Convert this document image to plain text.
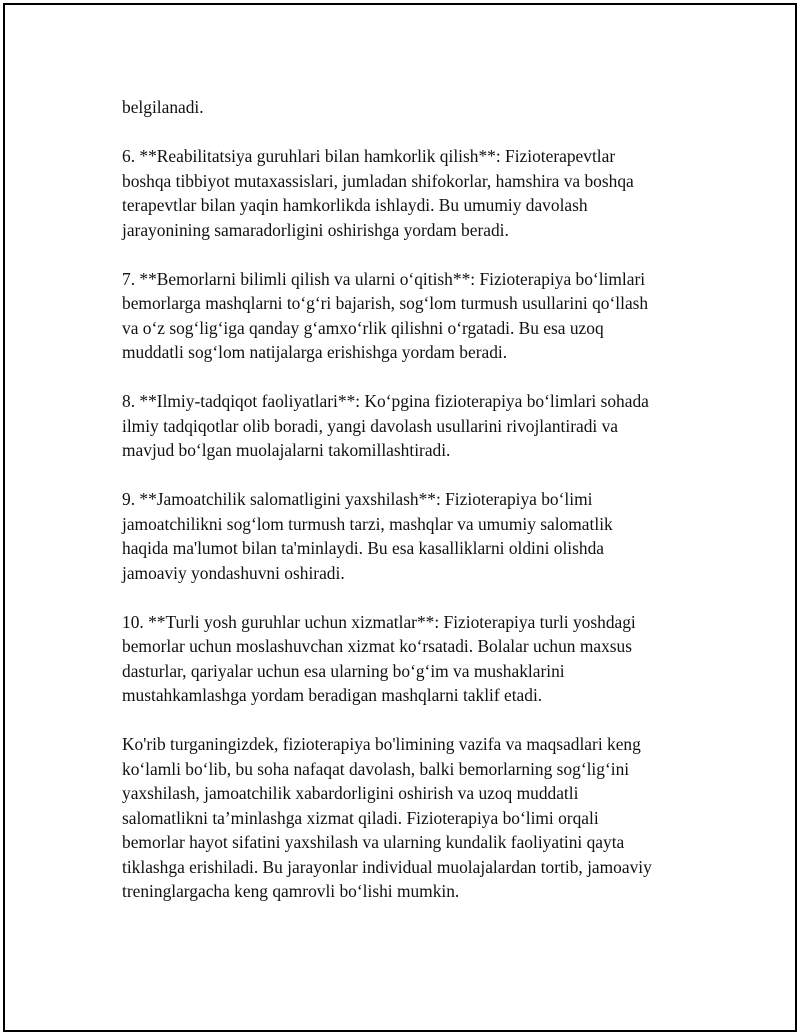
belgilanadi.

6. **Reabilitatsiya guruhlari bilan hamkorlik qilish**: Fizioterapevtlar
boshqa tibbiyot mutaxassislari, jumladan shifokorlar, hamshira va boshqa
terapevtlar bilan yaqin hamkorlikda ishlaydi. Bu umumiy davolash
jarayonining samaradorligini oshirishga yordam beradi.

7. **Bemorlarni bilimli qilish va ularni o‘qitish**: Fizioterapiya bo‘limlari
bemorlarga mashqlarni to‘g‘ri bajarish, sog‘lom turmush usullarini qo‘llash
va o‘z sog‘lig‘iga qanday g‘amxo‘rlik qilishni o‘rgatadi. Bu esa uzoq
muddatli sog‘lom natijalarga erishishga yordam beradi.

8. **Ilmiy-tadqiqot faoliyatlari**: Ko‘pgina fizioterapiya bo‘limlari sohada
ilmiy tadqiqotlar olib boradi, yangi davolash usullarini rivojlantiradi va
mavjud bo‘lgan muolajalarni takomillashtiradi.

9. **Jamoatchilik salomatligini yaxshilash**: Fizioterapiya bo‘limi
jamoatchilikni sog‘lom turmush tarzi, mashqlar va umumiy salomatlik
haqida ma'lumot bilan ta'minlaydi. Bu esa kasalliklarni oldini olishda
jamoaviy yondashuvni oshiradi.

10. **Turli yosh guruhlar uchun xizmatlar**: Fizioterapiya turli yoshdagi
bemorlar uchun moslashuvchan xizmat ko‘rsatadi. Bolalar uchun maxsus
dasturlar, qariyalar uchun esa ularning bo‘g‘im va mushaklarini
mustahkamlashga yordam beradigan mashqlarni taklif etadi.

Ko'rib turganingizdek, fizioterapiya bo'limining vazifa va maqsadlari keng
ko‘lamli bo‘lib, bu soha nafaqat davolash, balki bemorlarning sog‘lig‘ini
yaxshilash, jamoatchilik xabardorligini oshirish va uzoq muddatli
salomatlikni ta’minlashga xizmat qiladi. Fizioterapiya bo‘limi orqali
bemorlar hayot sifatini yaxshilash va ularning kundalik faoliyatini qayta
tiklashga erishiladi. Bu jarayonlar individual muolajalardan tortib, jamoaviy
treninglargacha keng qamrovli bo‘lishi mumkin.
